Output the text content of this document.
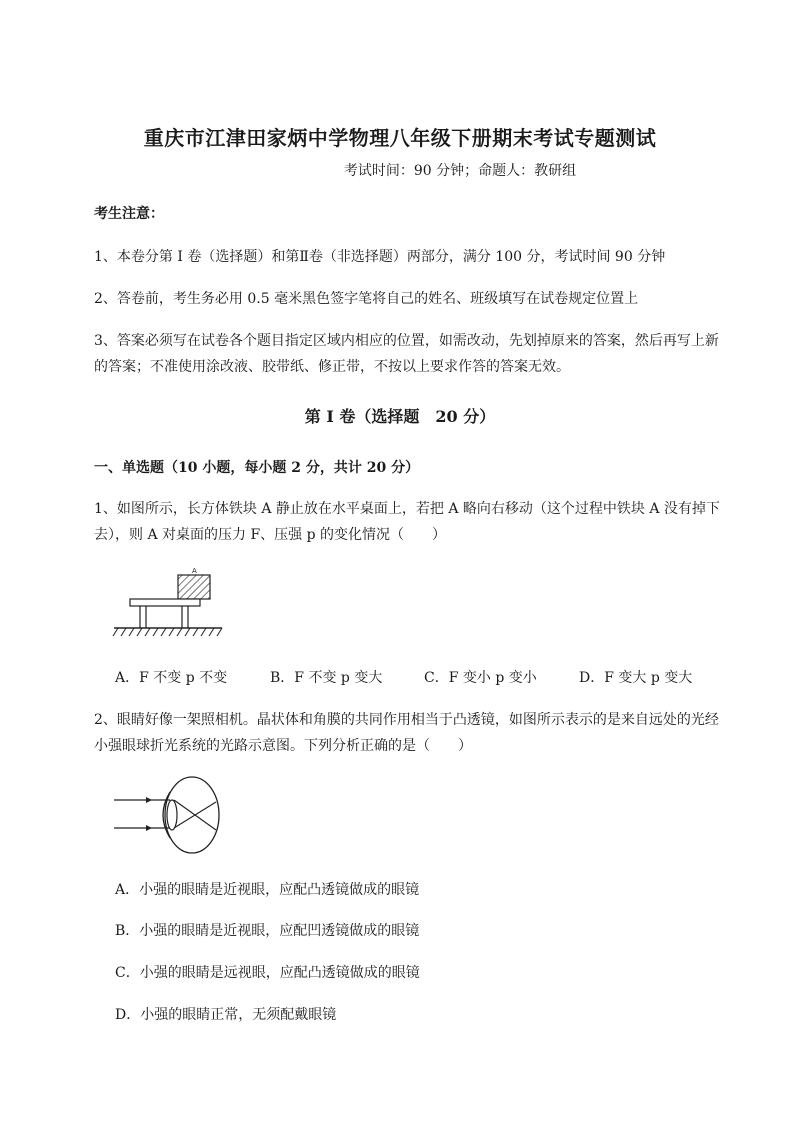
重庆市江津田家炳中学物理八年级下册期末考试专题测试
考试时间：90 分钟；命题人：教研组
考生注意：
1、本卷分第 I 卷（选择题）和第Ⅱ卷（非选择题）两部分，满分 100 分，考试时间 90 分钟
2、答卷前，考生务必用 0.5 毫米黑色签字笔将自己的姓名、班级填写在试卷规定位置上
3、答案必须写在试卷各个题目指定区域内相应的位置，如需改动，先划掉原来的答案，然后再写上新
的答案；不准使用涂改液、胶带纸、修正带，不按以上要求作答的答案无效。
第 I 卷（选择题　20 分）
一、单选题（10 小题，每小题 2 分，共计 20 分）
1、如图所示，长方体铁块 A 静止放在水平桌面上，若把 A 略向右移动（这个过程中铁块 A 没有掉下
去），则 A 对桌面的压力 F、压强 p 的变化情况（　　）
A
A．F 不变 p 不变	B．F 不变 p 变大	C．F 变小 p 变小	D．F 变大 p 变大
2、眼睛好像一架照相机。晶状体和角膜的共同作用相当于凸透镜，如图所示表示的是来自远处的光经
小强眼球折光系统的光路示意图。下列分析正确的是（　　）
A．小强的眼睛是近视眼，应配凸透镜做成的眼镜
B．小强的眼睛是近视眼，应配凹透镜做成的眼镜
C．小强的眼睛是远视眼，应配凸透镜做成的眼镜
D．小强的眼睛正常，无须配戴眼镜
